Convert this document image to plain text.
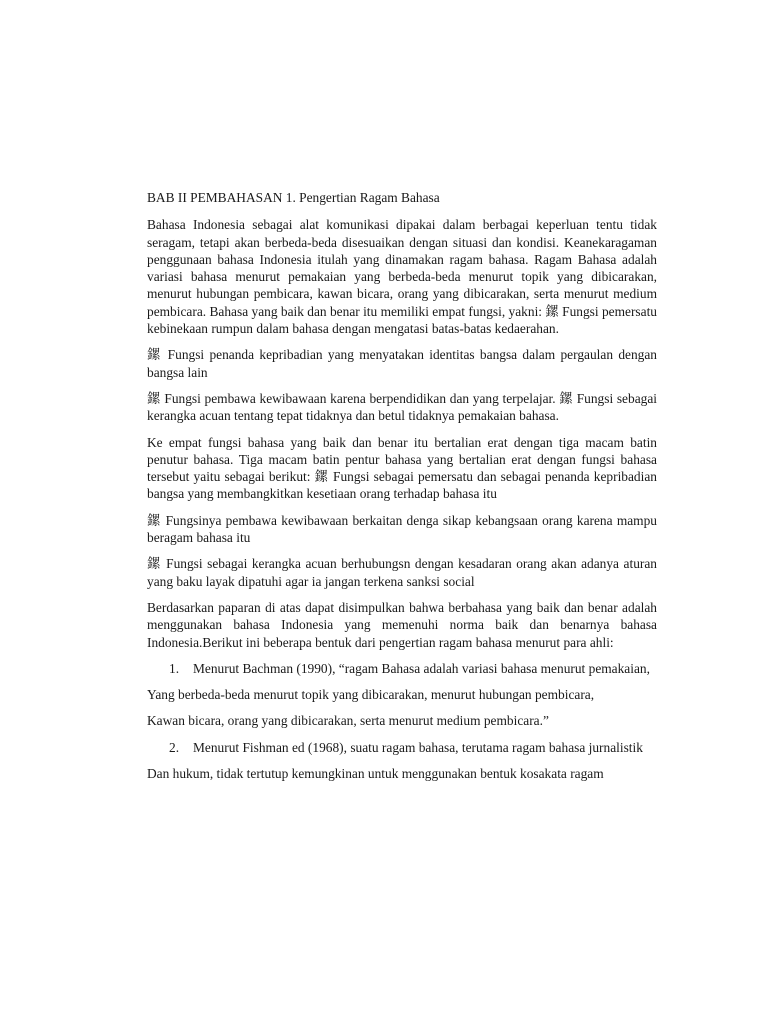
BAB II PEMBAHASAN 1. Pengertian Ragam Bahasa

Bahasa Indonesia sebagai alat komunikasi dipakai dalam berbagai keperluan tentu tidak seragam, tetapi akan berbeda-beda disesuaikan dengan situasi dan kondisi. Keanekaragaman penggunaan bahasa Indonesia itulah yang dinamakan ragam bahasa. Ragam Bahasa adalah variasi bahasa menurut pemakaian yang berbeda-beda menurut topik yang dibicarakan, menurut hubungan pembicara, kawan bicara, orang yang dibicarakan, serta menurut medium pembicara. Bahasa yang baik dan benar itu memiliki empat fungsi, yakni: 鏍 Fungsi pemersatu kebinekaan rumpun dalam bahasa dengan mengatasi batas-batas kedaerahan.

鏍 Fungsi penanda kepribadian yang menyatakan identitas bangsa dalam pergaulan dengan bangsa lain

鏍 Fungsi pembawa kewibawaan karena berpendidikan dan yang terpelajar. 鏍 Fungsi sebagai kerangka acuan tentang tepat tidaknya dan betul tidaknya pemakaian bahasa.

Ke empat fungsi bahasa yang baik dan benar itu bertalian erat dengan tiga macam batin penutur bahasa. Tiga macam batin pentur bahasa yang bertalian erat dengan fungsi bahasa tersebut yaitu sebagai berikut: 鏍 Fungsi sebagai pemersatu dan sebagai penanda kepribadian bangsa yang membangkitkan kesetiaan orang terhadap bahasa itu

鏍 Fungsinya pembawa kewibawaan berkaitan denga sikap kebangsaan orang karena mampu beragam bahasa itu

鏍 Fungsi sebagai kerangka acuan berhubungsn dengan kesadaran orang akan adanya aturan yang baku layak dipatuhi agar ia jangan terkena sanksi social

Berdasarkan paparan di atas dapat disimpulkan bahwa berbahasa yang baik dan benar adalah menggunakan bahasa Indonesia yang memenuhi norma baik dan benarnya bahasa Indonesia.Berikut ini beberapa bentuk dari pengertian ragam bahasa menurut para ahli:

1. Menurut Bachman (1990), “ragam Bahasa adalah variasi bahasa menurut pemakaian,

Yang berbeda-beda menurut topik yang dibicarakan, menurut hubungan pembicara,

Kawan bicara, orang yang dibicarakan, serta menurut medium pembicara.”

2. Menurut Fishman ed (1968), suatu ragam bahasa, terutama ragam bahasa jurnalistik

Dan hukum, tidak tertutup kemungkinan untuk menggunakan bentuk kosakata ragam
